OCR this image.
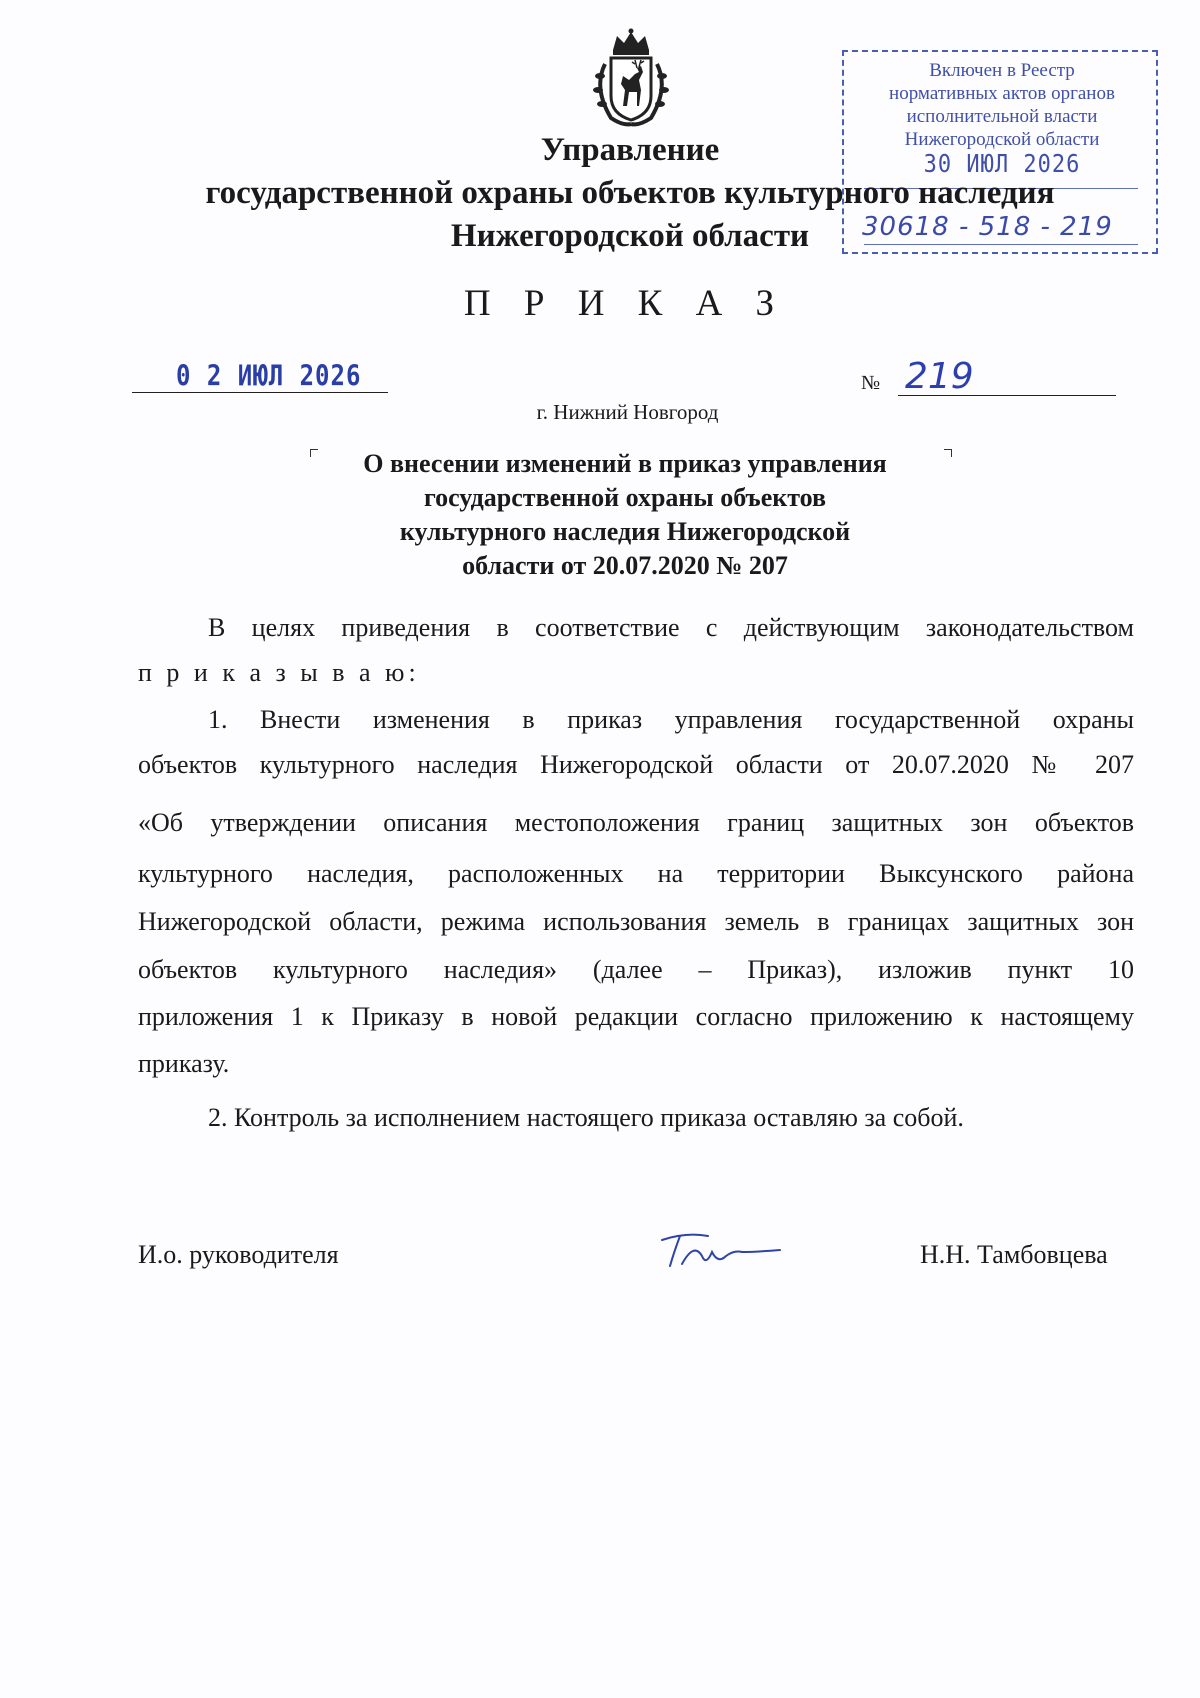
Включен в Реестр
нормативных актов органов
исполнительной власти
Нижегородской области
30 ИЮЛ 2026
30618 - 518 - 219
Управление
государственной охраны объектов культурного наследия
Нижегородской области
П Р И К А З
0 2 ИЮЛ 2026	№ 219
г. Нижний Новгород
О внесении изменений в приказ управления
государственной охраны объектов
культурного наследия Нижегородской
области от 20.07.2020 № 207
В целях приведения в соответствие с действующим законодательством
п р и к а з ы в а ю:
1. Внести изменения в приказ управления государственной охраны
объектов культурного наследия Нижегородской области от 20.07.2020 № 207
«Об утверждении описания местоположения границ защитных зон объектов
культурного наследия, расположенных на территории Выксунского района
Нижегородской области, режима использования земель в границах защитных зон
объектов культурного наследия» (далее – Приказ), изложив пункт 10
приложения 1 к Приказу в новой редакции согласно приложению к настоящему
приказу.
2. Контроль за исполнением настоящего приказа оставляю за собой.
И.о. руководителя	Н.Н. Тамбовцева
